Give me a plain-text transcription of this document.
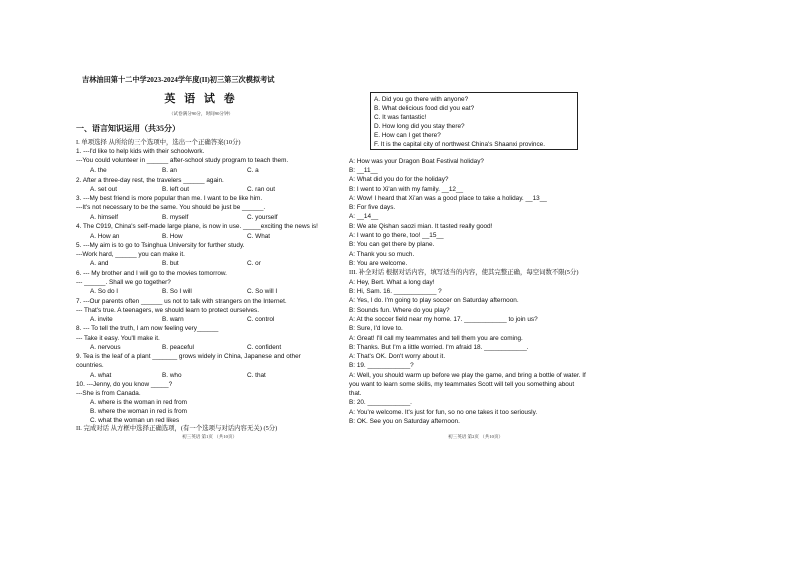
吉林油田第十二中学2023-2024学年度(II)初三第三次模拟考试
英 语 试 卷
（试卷满分90分，时间90分钟）
一、语言知识运用（共35分）
I. 单项选择 从所给的三个选项中，选出一个正确答案(10分)
1. ---I'd like to help kids with their schoolwork.
---You could volunteer in ______ after-school study program to teach them.
A. the	B. an	C. a
2. After a three-day rest, the travelers ______ again.
A. set out	B. left out	C. ran out
3. ---My best friend is more popular than me. I want to be like him.
---It's not necessary to be the same. You should be just be ______.
A. himself	B. myself	C. yourself
4. The C919, China's self-made large plane, is now in use. _____exciting the news is!
A. How an	B. How	C. What
5. ---My aim is to go to Tsinghua University for further study.
---Work hard, ______ you can make it.
A. and	B. but	C. or
6. --- My brother and I will go to the movies tomorrow.
--- ______. Shall we go together?
A. So do I	B. So I will	C. So will I
7. ---Our parents often ______ us not to talk with strangers on the Internet.
--- That's true. A teenagers, we should learn to protect ourselves.
A. invite	B. warn	C. control
8. --- To tell the truth, I am now feeling very______
--- Take it easy. You'll make it.
A. nervous	B. peaceful	C. confident
9. Tea is the leaf of a plant _______ grows widely in China, Japanese and other
countries.
A. what	B. who	C. that
10. ---Jenny, do you know _____?
---She is from Canada.
A. where is the woman in red from
B. where the woman in red is from
C. what the woman un red likes
II. 完成对话 从方框中选择正确选项，(有一个选项与对话内容无关) (5分)
A. Did you go there with anyone?
B. What delicious food did you eat?
C. It was fantastic!
D. How long did you stay there?
E. How can I get there?
F. It is the capital city of northwest China's Shaanxi province.
A: How was your Dragon Boat Festival holiday?
B: __11__
A: What did you do for the holiday?
B: I went to Xi'an with my family. __12__
A: Wow! I heard that Xi'an was a good place to take a holiday. __13__
B: For five days.
A: __14__
B: We ate Qishan saozi mian. It tasted really good!
A: I want to go there, too! __15__
B: You can get there by plane.
A: Thank you so much.
B: You are welcome.
III. 补全对话 根据对话内容，填写适当的内容，使其完整正确，每空词数不限(5分)
A: Hey, Bert. What a long day!
B: Hi, Sam. 16. ____________ ?
A: Yes, I do. I'm going to play soccer on Saturday afternoon.
B: Sounds fun. Where do you play?
A: At the soccer field near my home. 17. ____________ to join us?
B: Sure, I'd love to.
A: Great! I'll call my teammates and tell them you are coming.
B: Thanks. But I'm a little worried. I'm afraid 18. ____________.
A: That's OK. Don't worry about it.
B: 19. ____________?
A: Well, you should warm up before we play the game, and bring a bottle of water. If
you want to learn some skills, my teammates Scott will tell you something about
that.
B: 20. ____________.
A: You're welcome. It's just for fun, so no one takes it too seriously.
B: OK. See you on Saturday afternoon.
初三英语 第1页 （共10页）	初三英语 第2页 （共10页）
